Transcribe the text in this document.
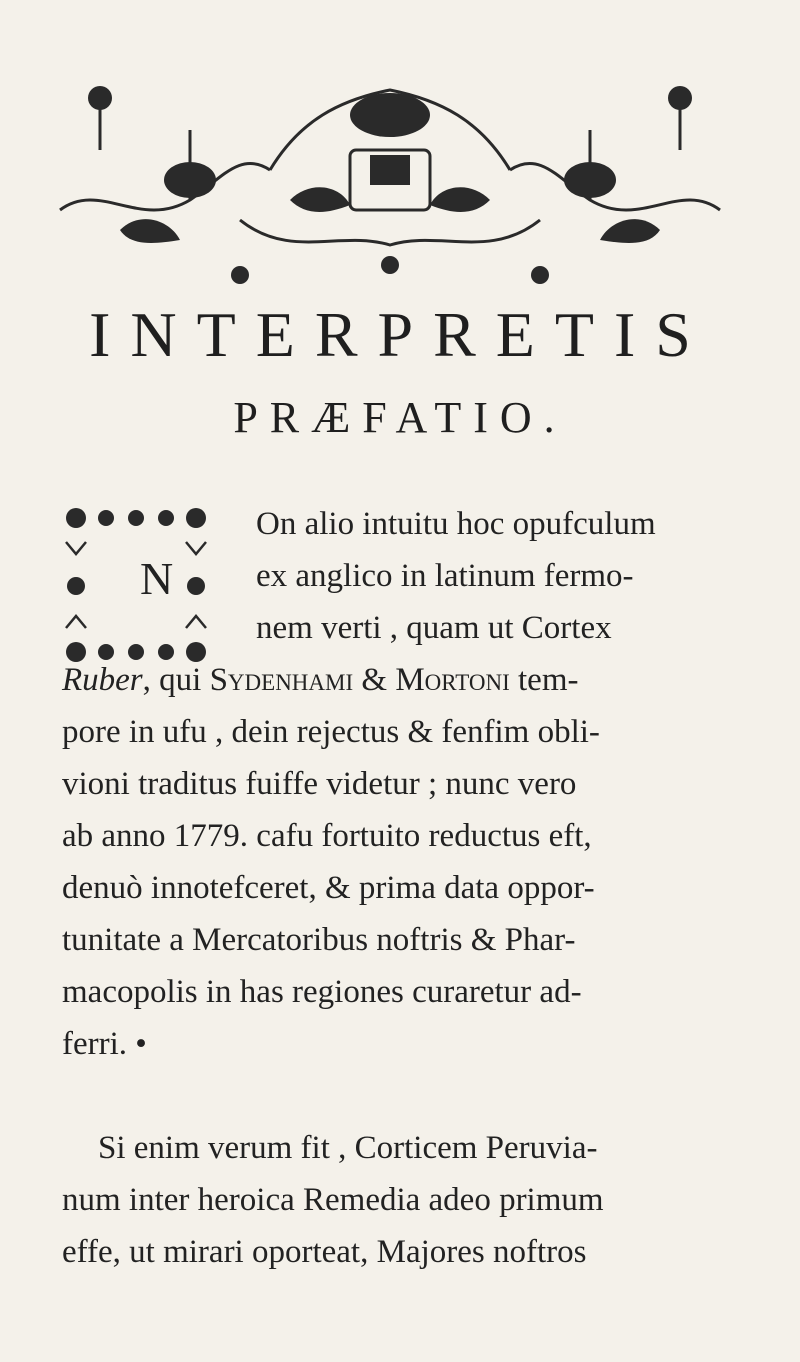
INTERPRETIS
PRÆFATIO.
N
On alio intuitu hoc opufculum
ex anglico in latinum fermo-
nem verti , quam ut Cortex
Ruber, qui Sydenhami & Mortoni tem-
pore in ufu , dein rejectus & fenfim obli-
vioni traditus fuiffe videtur ; nunc vero
ab anno 1779. cafu fortuito reductus eft,
denuò innotefceret, & prima data oppor-
tunitate a Mercatoribus noftris & Phar-
macopolis in has regiones curaretur ad-
ferri. •
Si enim verum fit , Corticem Peruvia-
num inter heroica Remedia adeo primum
effe, ut mirari oporteat, Majores noftros
